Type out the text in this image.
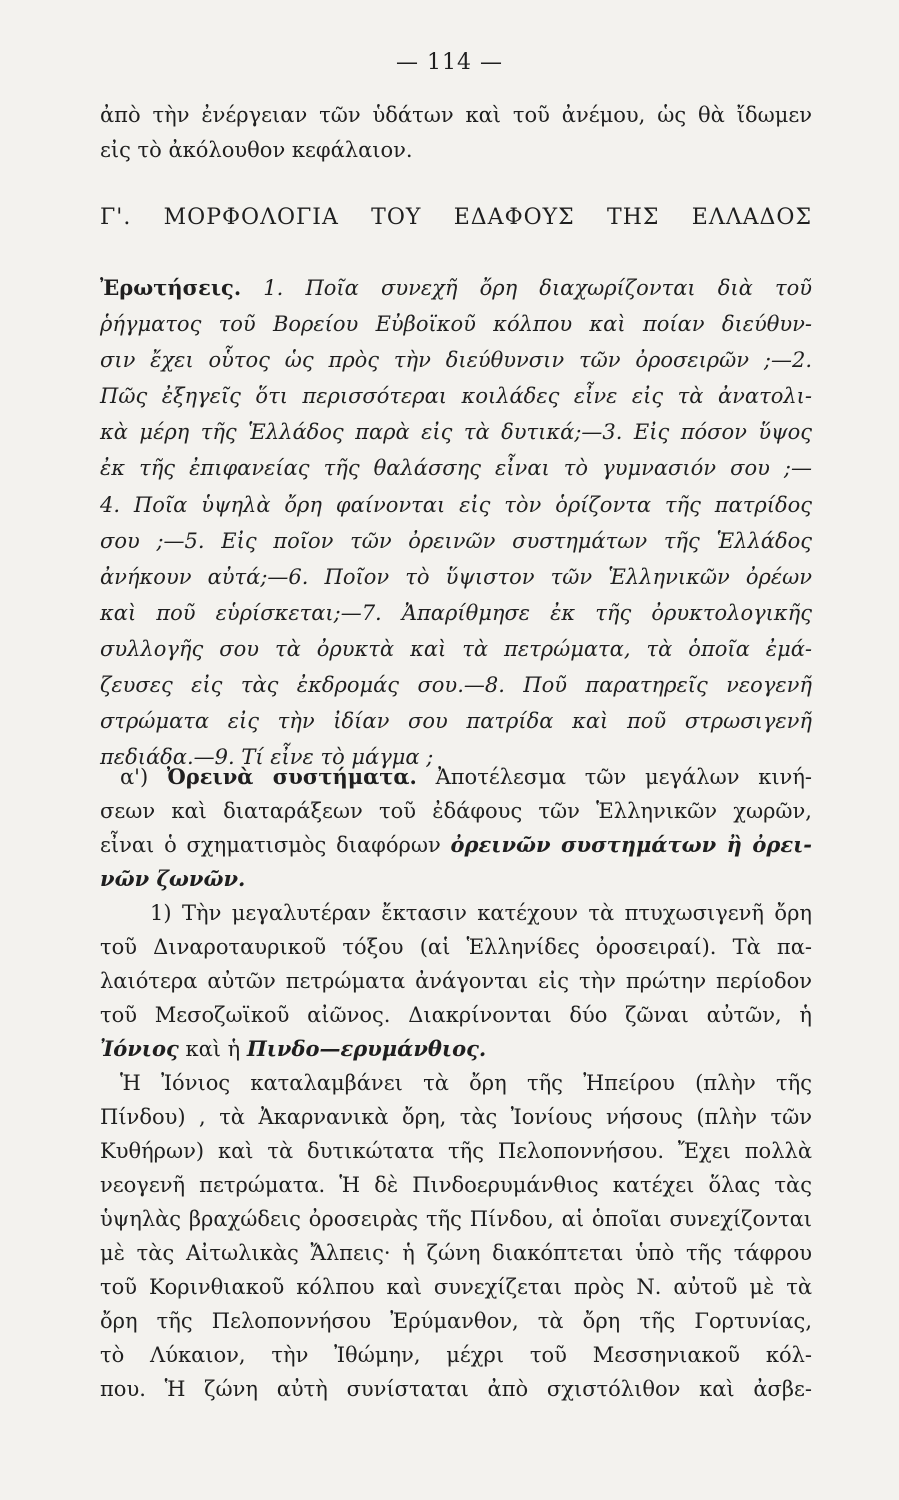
— 114 —
ἀπὸ τὴν ἐνέργειαν τῶν ὑδάτων καὶ τοῦ ἀνέμου, ὡς θὰ ἴδωμεν
εἰς τὸ ἀκόλουθον κεφάλαιον.
Γ'. ΜΟΡΦΟΛΟΓΙΑ ΤΟΥ ΕΔΑΦΟΥΣ ΤΗΣ ΕΛΛΑΔΟΣ
Ἐρωτήσεις. 1. Ποῖα συνεχῆ ὄρη διαχωρίζονται διὰ τοῦ
ῥήγματος τοῦ Βορείου Εὐβοϊκοῦ κόλπου καὶ ποίαν διεύθυν-
σιν ἔχει οὗτος ὡς πρὸς τὴν διεύθυνσιν τῶν ὀροσειρῶν ;—2.
Πῶς ἐξηγεῖς ὅτι περισσότεραι κοιλάδες εἶνε εἰς τὰ ἀνατολι-
κὰ μέρη τῆς Ἑλλάδος παρὰ εἰς τὰ δυτικά;—3. Εἰς πόσον ὕψος
ἐκ τῆς ἐπιφανείας τῆς θαλάσσης εἶναι τὸ γυμνασιόν σου ;—
4. Ποῖα ὑψηλὰ ὄρη φαίνονται εἰς τὸν ὁρίζοντα τῆς πατρίδος
σου ;—5. Εἰς ποῖον τῶν ὀρεινῶν συστημάτων τῆς Ἑλλάδος
ἀνήκουν αὐτά;—6. Ποῖον τὸ ὕψιστον τῶν Ἑλληνικῶν ὀρέων
καὶ ποῦ εὑρίσκεται;—7. Ἀπαρίθμησε ἐκ τῆς ὀρυκτολογικῆς
συλλογῆς σου τὰ ὀρυκτὰ καὶ τὰ πετρώματα, τὰ ὁποῖα ἐμά-
ζευσες εἰς τὰς ἐκδρομάς σου.—8. Ποῦ παρατηρεῖς νεογενῆ
στρώματα εἰς τὴν ἰδίαν σου πατρίδα καὶ ποῦ στρωσιγενῆ
πεδιάδα.—9. Τί εἶνε τὸ μάγμα ;
α') Ὀρεινὰ συστήματα. Ἀποτέλεσμα τῶν μεγάλων κινή-
σεων καὶ διαταράξεων τοῦ ἐδάφους τῶν Ἑλληνικῶν χωρῶν,
εἶναι ὁ σχηματισμὸς διαφόρων ὀρεινῶν συστημάτων ἢ ὀρει-
νῶν ζωνῶν.
1) Τὴν μεγαλυτέραν ἔκτασιν κατέχουν τὰ πτυχωσιγενῆ ὄρη
τοῦ Διναροταυρικοῦ τόξου (αἱ Ἑλληνίδες ὀροσειραί). Τὰ πα-
λαιότερα αὐτῶν πετρώματα ἀνάγονται εἰς τὴν πρώτην περίοδον
τοῦ Μεσοζωϊκοῦ αἰῶνος. Διακρίνονται δύο ζῶναι αὐτῶν, ἡ
Ἰόνιος καὶ ἡ Πινδο—ερυμάνθιος.
Ἡ Ἰόνιος καταλαμβάνει τὰ ὄρη τῆς Ἠπείρου (πλὴν τῆς
Πίνδου) , τὰ Ἀκαρνανικὰ ὄρη, τὰς Ἰονίους νήσους (πλὴν τῶν
Κυθήρων) καὶ τὰ δυτικώτατα τῆς Πελοποννήσου. Ἔχει πολλὰ
νεογενῆ πετρώματα. Ἡ δὲ Πινδοερυμάνθιος κατέχει ὅλας τὰς
ὑψηλὰς βραχώδεις ὀροσειρὰς τῆς Πίνδου, αἱ ὁποῖαι συνεχίζονται
μὲ τὰς Αἰτωλικὰς Ἄλπεις· ἡ ζώνη διακόπτεται ὑπὸ τῆς τάφρου
τοῦ Κορινθιακοῦ κόλπου καὶ συνεχίζεται πρὸς Ν. αὐτοῦ μὲ τὰ
ὄρη τῆς Πελοποννήσου Ἐρύμανθον, τὰ ὄρη τῆς Γορτυνίας,
τὸ Λύκαιον, τὴν Ἰθώμην, μέχρι τοῦ Μεσσηνιακοῦ κόλ-
που. Ἡ ζώνη αὐτὴ συνίσταται ἀπὸ σχιστόλιθον καὶ ἀσβε-
